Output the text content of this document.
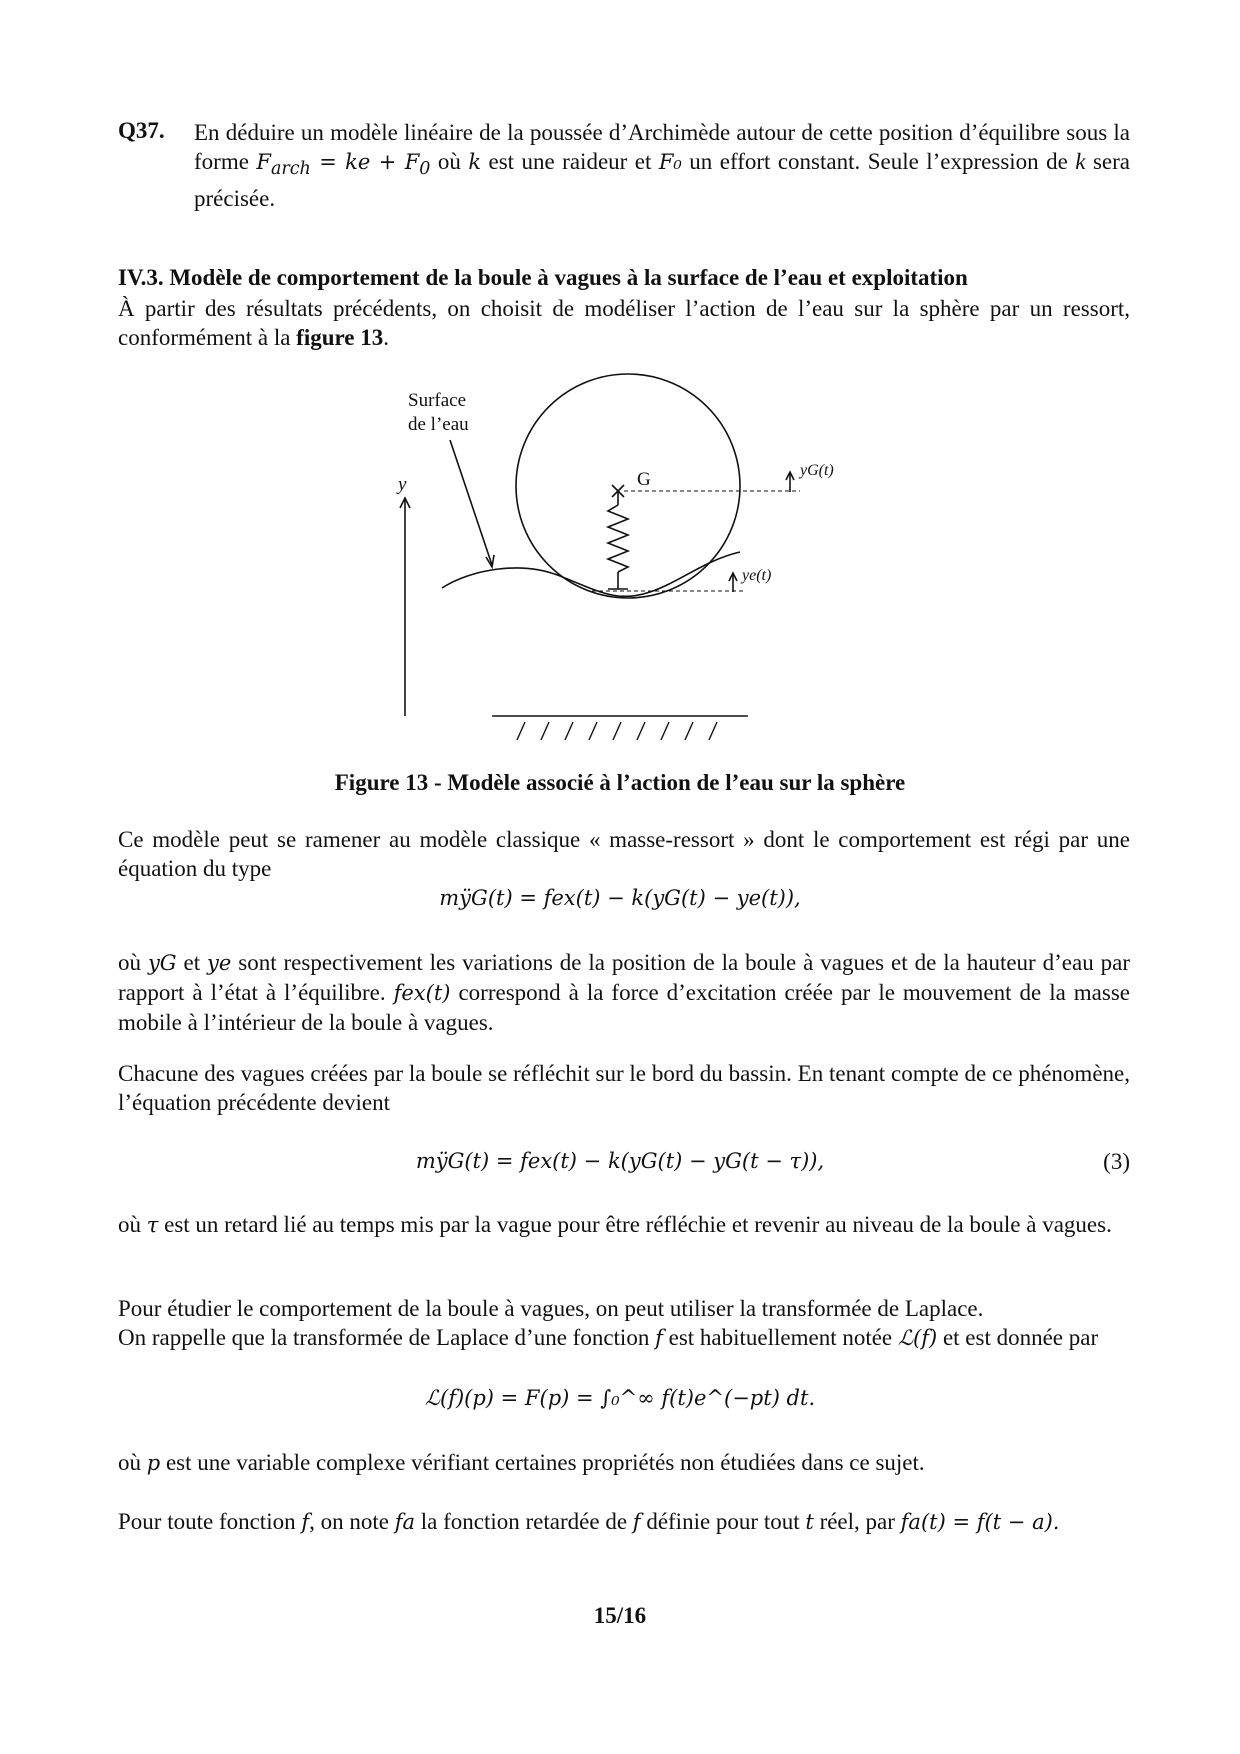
Q37. En déduire un modèle linéaire de la poussée d’Archimède autour de cette position d’équilibre sous la forme $F_{arch}$ = ke + $F_0$ où k est une raideur et F₀ un effort constant. Seule l’expression de k sera précisée.
IV.3. Modèle de comportement de la boule à vagues à la surface de l’eau et exploitation
À partir des résultats précédents, on choisit de modéliser l’action de l’eau sur la sphère par un ressort, conformément à la figure 13.
Surface
de l’eau
y⃗	G	yG(t)
ye(t)
Figure 13 - Modèle associé à l’action de l’eau sur la sphère
Ce modèle peut se ramener au modèle classique « masse-ressort » dont le comportement est régi par une équation du type
mÿG(t) = fex(t) − k(yG(t) − ye(t)),
où yG et ye sont respectivement les variations de la position de la boule à vagues et de la hauteur d’eau par rapport à l’état à l’équilibre. fex(t) correspond à la force d’excitation créée par le mouvement de la masse mobile à l’intérieur de la boule à vagues.
Chacune des vagues créées par la boule se réfléchit sur le bord du bassin. En tenant compte de ce phénomène, l’équation précédente devient
mÿG(t) = fex(t) − k(yG(t) − yG(t − τ)),	(3)
où τ est un retard lié au temps mis par la vague pour être réfléchie et revenir au niveau de la boule à vagues.
Pour étudier le comportement de la boule à vagues, on peut utiliser la transformée de Laplace.
On rappelle que la transformée de Laplace d’une fonction f est habituellement notée ℒ(f) et est donnée par
ℒ(f)(p) = F(p) = ∫₀^∞ f(t)e^(−pt) dt.
où p est une variable complexe vérifiant certaines propriétés non étudiées dans ce sujet.
Pour toute fonction f, on note fa la fonction retardée de f définie pour tout t réel, par fa(t) = f(t − a).
15/16
